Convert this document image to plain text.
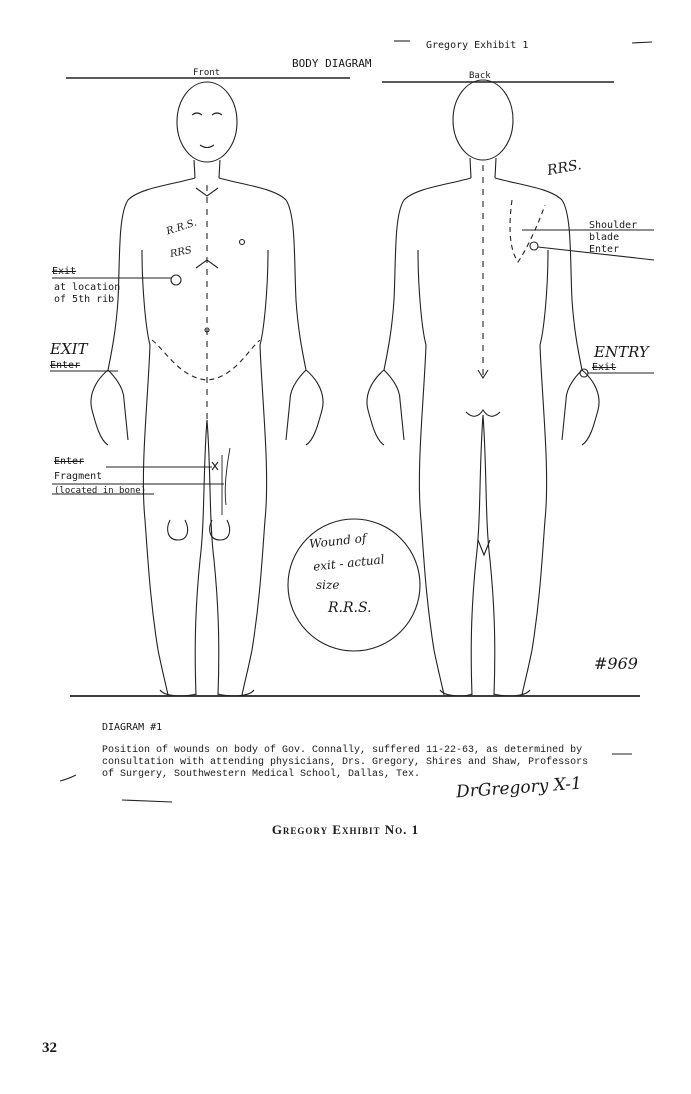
Gregory Exhibit 1
BODY DIAGRAM
Front	Back
R.R.S.
RRS
Exit
at location
of 5th rib
EXIT
Enter
Enter
Fragment
(located in bone)
RRS.
Shoulder
blade
Enter
ENTRY
Exit
Wound of
exit - actual
size
R.R.S.
#969
DIAGRAM #1
Position of wounds on body of Gov. Connally, suffered 11-22-63, as determined by
consultation with attending physicians, Drs. Gregory, Shires and Shaw, Professors
of Surgery, Southwestern Medical School, Dallas, Tex.	DrGregory X-1
Gregory Exhibit No. 1
32
